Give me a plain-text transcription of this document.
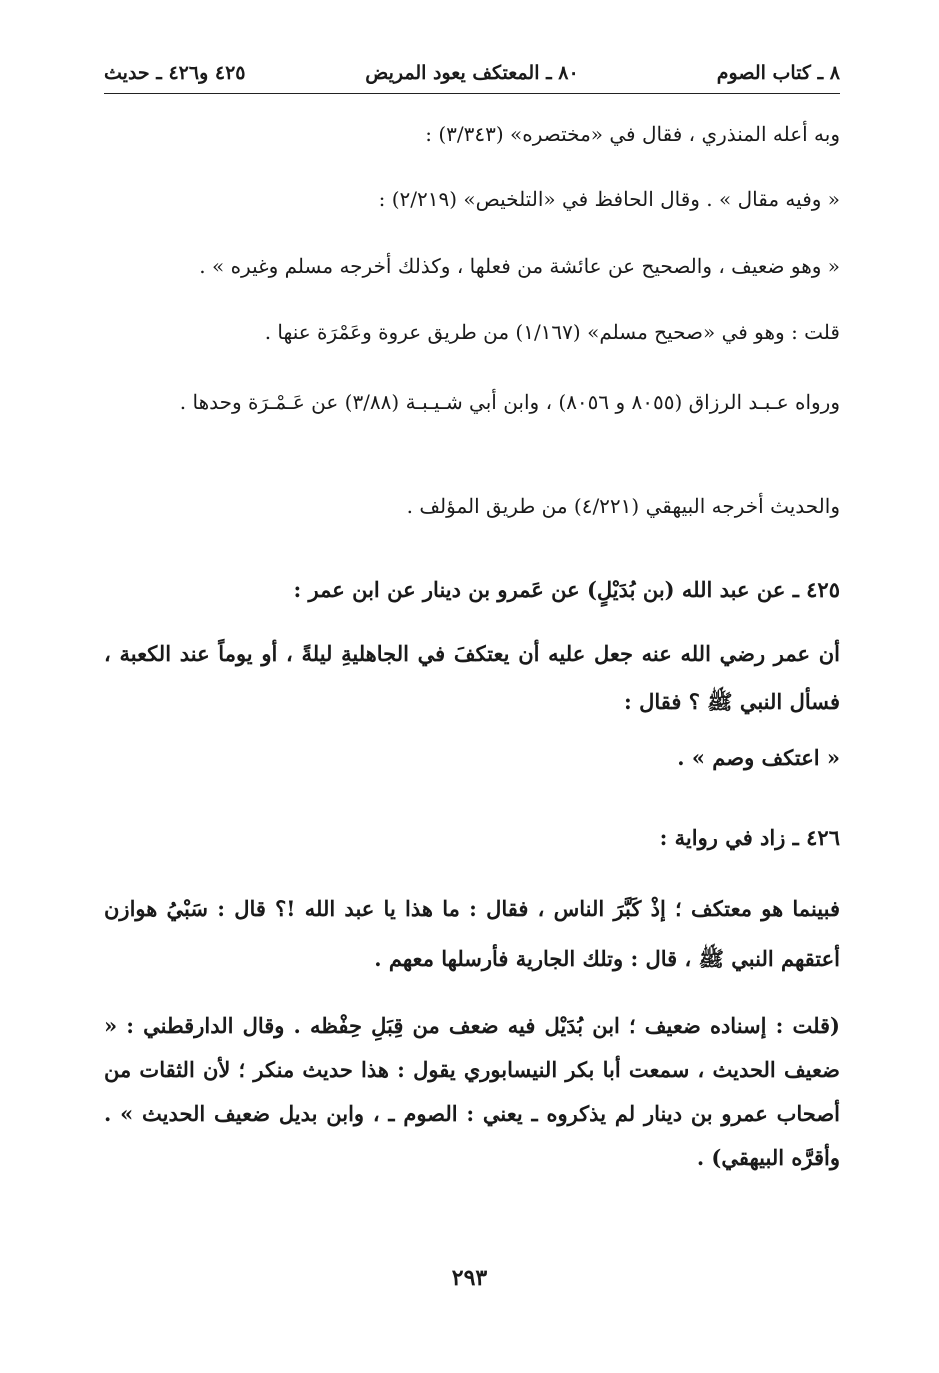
٨ ـ كتاب الصوم
٨٠ ـ المعتكف يعود المريض
٤٢٥ و٤٢٦ ـ حديث

وبه أعله المنذري ، فقال في «مختصره» (٣/٣٤٣) :

« وفيه مقال » . وقال الحافظ في «التلخيص» (٢/٢١٩) :

« وهو ضعيف ، والصحيح عن عائشة من فعلها ، وكذلك أخرجه مسلم وغيره » .

قلت : وهو في «صحيح مسلم» (١/١٦٧) من طريق عروة وعَمْرَة عنها .

ورواه عـبـد الرزاق (٨٠٥٥ و ٨٠٥٦) ، وابن أبي شـيـبـة (٣/٨٨) عن عَـمْـرَة وحدها .

والحديث أخرجه البيهقي (٤/٢٢١) من طريق المؤلف .

٤٢٥ ـ عن عبد الله (بن بُدَيْلٍ) عن عَمرو بن دينار عن ابن عمر :

أن عمر رضي الله عنه جعل عليه أن يعتكفَ في الجاهليةِ ليلةً ، أو يوماً عند الكعبة ، فسأل النبي ﷺ ؟ فقال :

« اعتكف وصم » .

٤٢٦ ـ زاد في رواية :

فبينما هو معتكف ؛ إذْ كَبَّرَ الناس ، فقال : ما هذا يا عبد الله !؟ قال : سَبْيُ هوازن أعتقهم النبي ﷺ ، قال : وتلك الجارية فأرسلها معهم .

(قلت : إسناده ضعيف ؛ ابن بُدَيْل فيه ضعف من قِبَلِ حِفْظه . وقال الدارقطني : « ضعيف الحديث ، سمعت أبا بكر النيسابوري يقول : هذا حديث منكر ؛ لأن الثقات من أصحاب عمرو بن دينار لم يذكروه ـ يعني : الصوم ـ ، وابن بديل ضعيف الحديث » . وأقرَّه البيهقي) .

٢٩٣
